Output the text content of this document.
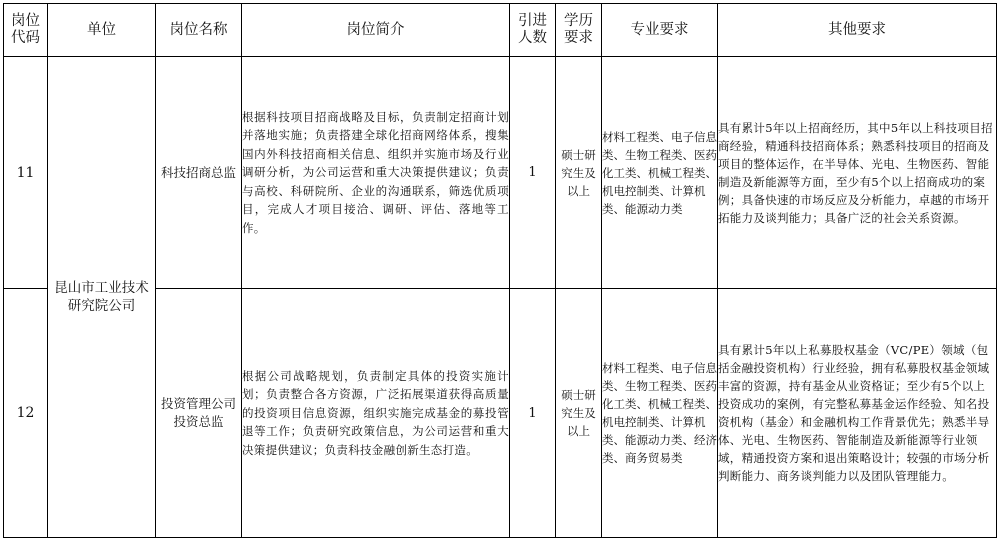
岗位代码	单位	岗位名称	岗位简介	引进人数	学历要求	专业要求	其他要求
11	昆山市工业技术研究院公司	科技招商总监	根据科技项目招商战略及目标，负责制定招商计划并落地实施；负责搭建全球化招商网络体系，搜集国内外科技招商相关信息、组织并实施市场及行业调研分析，为公司运营和重大决策提供建议；负责与高校、科研院所、企业的沟通联系，筛选优质项目，完成人才项目接洽、调研、评估、落地等工作。	1	硕士研究生及以上	材料工程类、电子信息类、生物工程类、医药化工类、机械工程类、机电控制类、计算机类、能源动力类	具有累计5年以上招商经历，其中5年以上科技项目招商经验，精通科技招商体系；熟悉科技项目的招商及项目的整体运作，在半导体、光电、生物医药、智能制造及新能源等方面，至少有5个以上招商成功的案例；具备快速的市场反应及分析能力，卓越的市场开拓能力及谈判能力；具备广泛的社会关系资源。
12		投资管理公司投资总监	根据公司战略规划，负责制定具体的投资实施计划；负责整合各方资源，广泛拓展渠道获得高质量的投资项目信息资源，组织实施完成基金的募投管退等工作；负责研究政策信息，为公司运营和重大决策提供建议；负责科技金融创新生态打造。	1	硕士研究生及以上	材料工程类、电子信息类、生物工程类、医药化工类、机械工程类、机电控制类、计算机类、能源动力类、经济类、商务贸易类	具有累计5年以上私募股权基金（VC/PE）领域（包括金融投资机构）行业经验，拥有私募股权基金领域丰富的资源，持有基金从业资格证；至少有5个以上投资成功的案例，有完整私募基金运作经验、知名投资机构（基金）和金融机构工作背景优先；熟悉半导体、光电、生物医药、智能制造及新能源等行业领域，精通投资方案和退出策略设计；较强的市场分析判断能力、商务谈判能力以及团队管理能力。
